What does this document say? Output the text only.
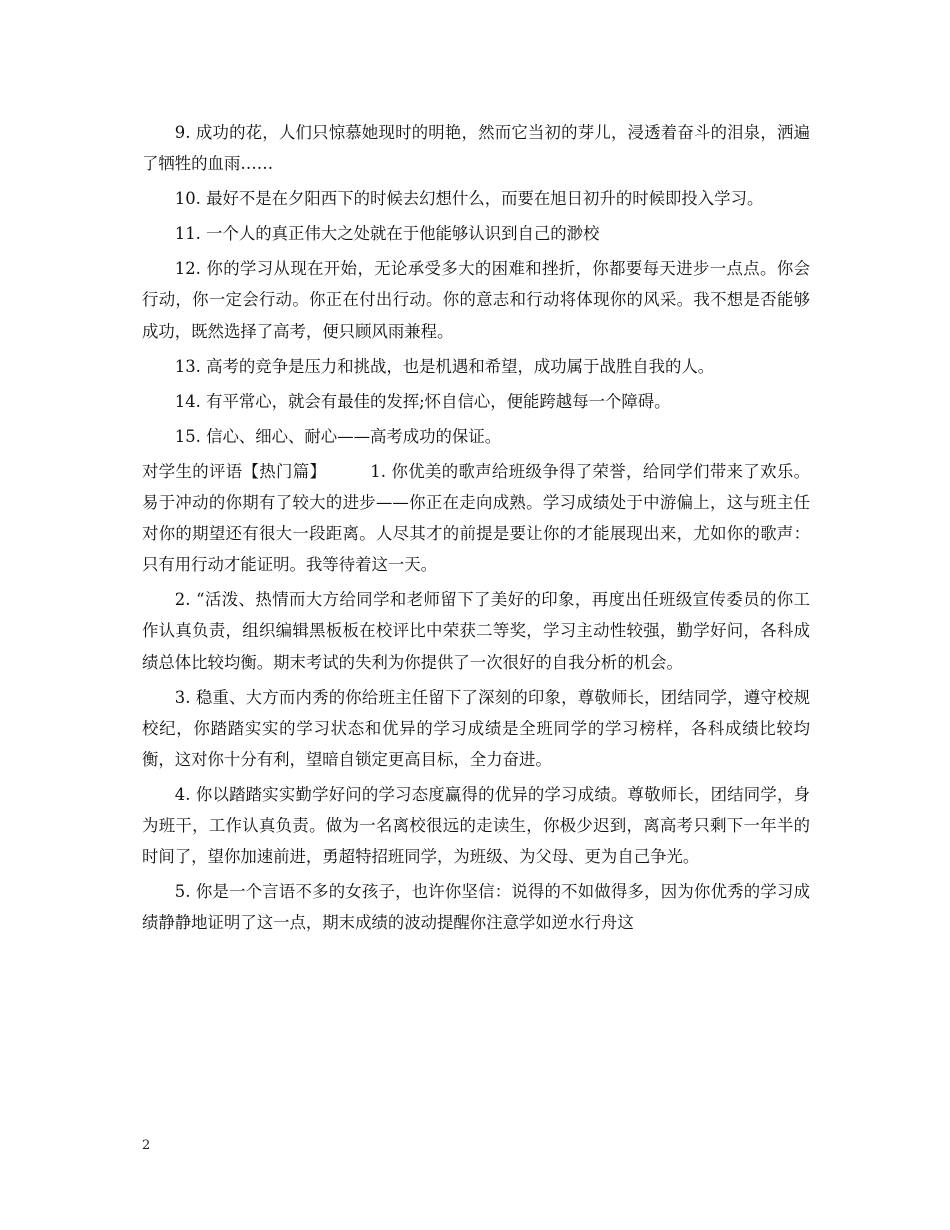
9. 成功的花，人们只惊慕她现时的明艳，然而它当初的芽儿，浸透着奋斗的泪泉，洒遍了牺牲的血雨……

10. 最好不是在夕阳西下的时候去幻想什么，而要在旭日初升的时候即投入学习。

11. 一个人的真正伟大之处就在于他能够认识到自己的渺校

12. 你的学习从现在开始，无论承受多大的困难和挫折，你都要每天进步一点点。你会行动，你一定会行动。你正在付出行动。你的意志和行动将体现你的风采。我不想是否能够成功，既然选择了高考，便只顾风雨兼程。

13. 高考的竞争是压力和挑战，也是机遇和希望，成功属于战胜自我的人。

14. 有平常心，就会有最佳的发挥;怀自信心，便能跨越每一个障碍。

15. 信心、细心、耐心——高考成功的保证。

对学生的评语【热门篇】	1. 你优美的歌声给班级争得了荣誉，给同学们带来了欢乐。易于冲动的你期有了较大的进步——你正在走向成熟。学习成绩处于中游偏上，这与班主任对你的期望还有很大一段距离。人尽其才的前提是要让你的才能展现出来，尤如你的歌声：只有用行动才能证明。我等待着这一天。

2. “活泼、热情而大方给同学和老师留下了美好的印象，再度出任班级宣传委员的你工作认真负责，组织编辑黑板板在校评比中荣获二等奖，学习主动性较强，勤学好问，各科成绩总体比较均衡。期末考试的失利为你提供了一次很好的自我分析的机会。

3. 稳重、大方而内秀的你给班主任留下了深刻的印象，尊敬师长，团结同学，遵守校规校纪，你踏踏实实的学习状态和优异的学习成绩是全班同学的学习榜样，各科成绩比较均衡，这对你十分有利，望暗自锁定更高目标，全力奋进。

4. 你以踏踏实实勤学好问的学习态度赢得的优异的学习成绩。尊敬师长，团结同学，身为班干，工作认真负责。做为一名离校很远的走读生，你极少迟到，离高考只剩下一年半的时间了，望你加速前进，勇超特招班同学，为班级、为父母、更为自己争光。

5. 你是一个言语不多的女孩子，也许你坚信：说得的不如做得多，因为你优秀的学习成绩静静地证明了这一点，期末成绩的波动提醒你注意学如逆水行舟这

2
